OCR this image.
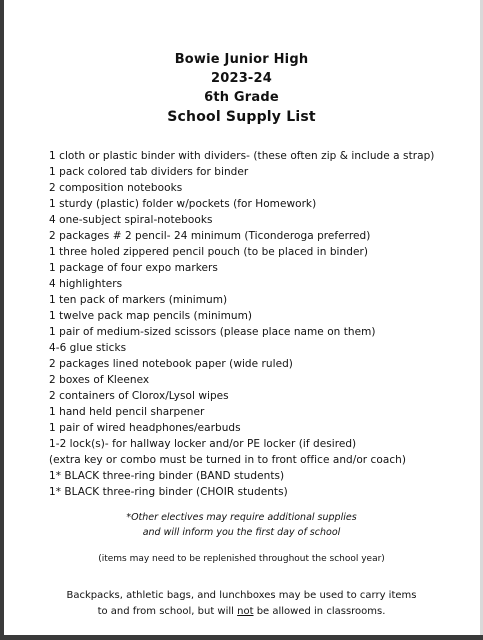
Bowie Junior High
2023-24
6th Grade
School Supply List
1 cloth or plastic binder with dividers- (these often zip & include a strap)
1 pack colored tab dividers for binder
2 composition notebooks
1 sturdy (plastic) folder w/pockets (for Homework)
4 one-subject spiral-notebooks
2 packages # 2 pencil- 24 minimum (Ticonderoga preferred)
1 three holed zippered pencil pouch (to be placed in binder)
1 package of four expo markers
4 highlighters
1 ten pack of markers (minimum)
1 twelve pack map pencils (minimum)
1 pair of medium-sized scissors (please place name on them)
4-6 glue sticks
2 packages lined notebook paper (wide ruled)
2 boxes of Kleenex
2 containers of Clorox/Lysol wipes
1 hand held pencil sharpener
1 pair of wired headphones/earbuds
1-2 lock(s)- for hallway locker and/or PE locker (if desired)
(extra key or combo must be turned in to front office and/or coach)
1* BLACK three-ring binder (BAND students)
1* BLACK three-ring binder (CHOIR students)
*Other electives may require additional supplies
and will inform you the first day of school
(items may need to be replenished throughout the school year)
Backpacks, athletic bags, and lunchboxes may be used to carry items
to and from school, but will not be allowed in classrooms.
